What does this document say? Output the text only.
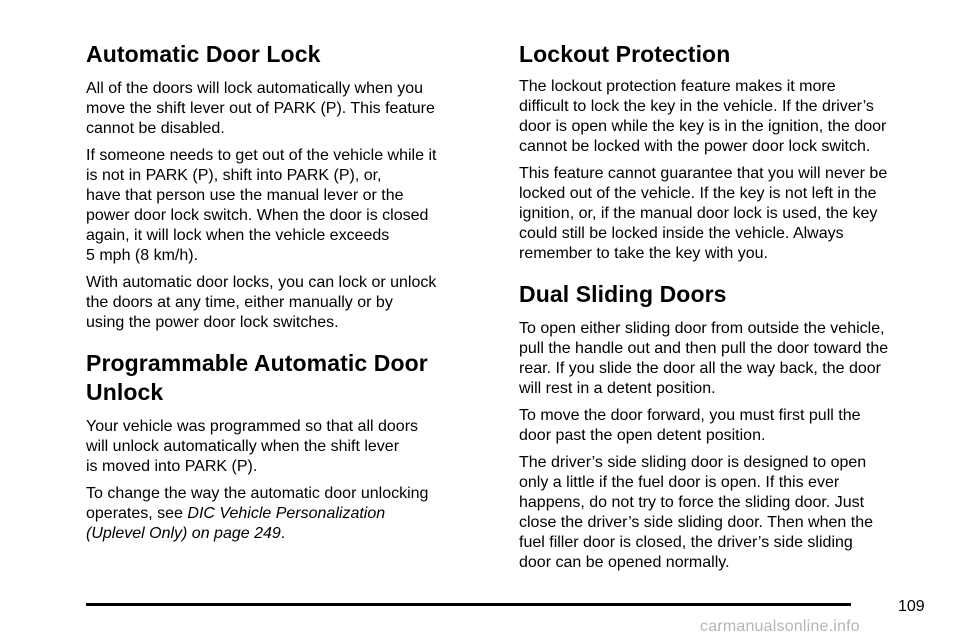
Automatic Door Lock

All of the doors will lock automatically when you
move the shift lever out of PARK (P). This feature
cannot be disabled.

If someone needs to get out of the vehicle while it
is not in PARK (P), shift into PARK (P), or,
have that person use the manual lever or the
power door lock switch. When the door is closed
again, it will lock when the vehicle exceeds
5 mph (8 km/h).

With automatic door locks, you can lock or unlock
the doors at any time, either manually or by
using the power door lock switches.

Programmable Automatic Door
Unlock

Your vehicle was programmed so that all doors
will unlock automatically when the shift lever
is moved into PARK (P).

To change the way the automatic door unlocking
operates, see DIC Vehicle Personalization
(Uplevel Only) on page 249.

Lockout Protection

The lockout protection feature makes it more
difficult to lock the key in the vehicle. If the driver’s
door is open while the key is in the ignition, the door
cannot be locked with the power door lock switch.

This feature cannot guarantee that you will never be
locked out of the vehicle. If the key is not left in the
ignition, or, if the manual door lock is used, the key
could still be locked inside the vehicle. Always
remember to take the key with you.

Dual Sliding Doors

To open either sliding door from outside the vehicle,
pull the handle out and then pull the door toward the
rear. If you slide the door all the way back, the door
will rest in a detent position.

To move the door forward, you must first pull the
door past the open detent position.

The driver’s side sliding door is designed to open
only a little if the fuel door is open. If this ever
happens, do not try to force the sliding door. Just
close the driver’s side sliding door. Then when the
fuel filler door is closed, the driver’s side sliding
door can be opened normally.

109
carmanualsonline.info
